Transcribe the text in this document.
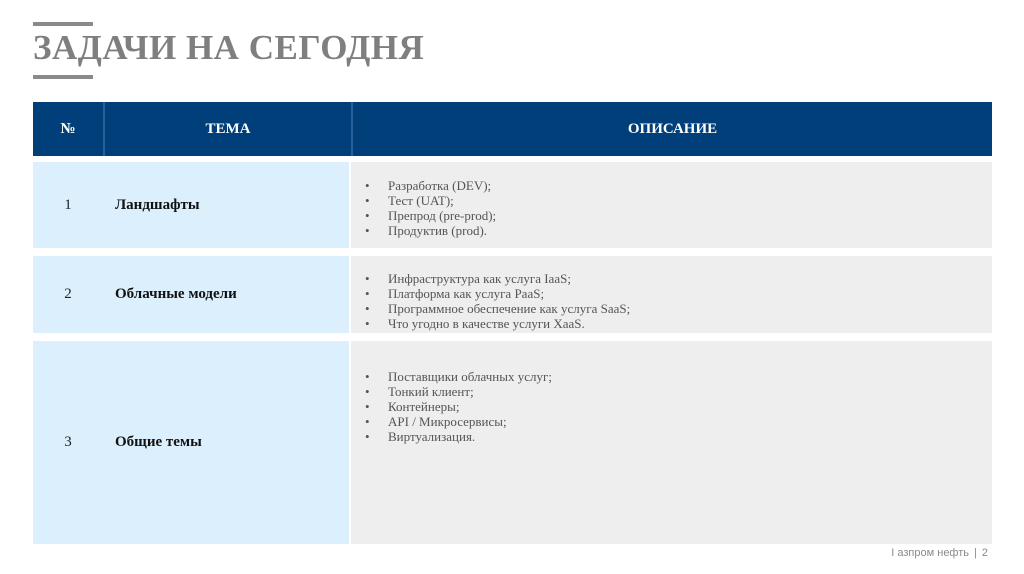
ЗАДАЧИ НА СЕГОДНЯ
№	ТЕМА	ОПИСАНИЕ
1	Ландшафты
• Разработка (DEV);
• Тест (UAT);
• Препрод (pre-prod);
• Продуктив (prod).
2	Облачные модели
• Инфраструктура как услуга IaaS;
• Платформа как услуга PaaS;
• Программное обеспечение как услуга SaaS;
• Что угодно в качестве услуги XaaS.
3	Общие темы
• Поставщики облачных услуг;
• Тонкий клиент;
• Контейнеры;
• API / Микросервисы;
• Виртуализация.
I азпром нефть | 2
